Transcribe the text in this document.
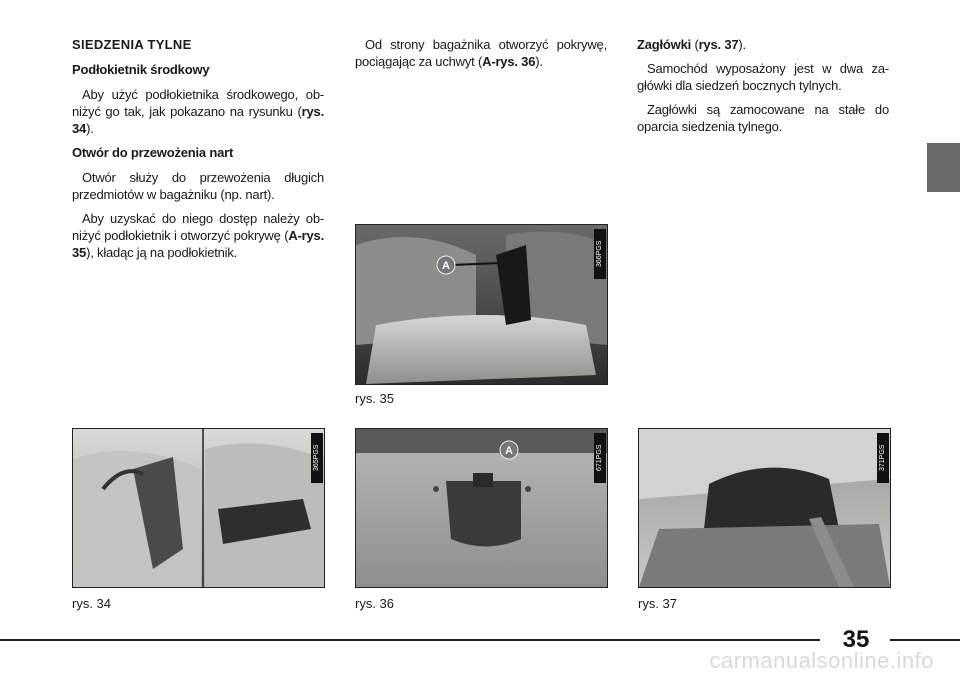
SIEDZENIA TYLNE
Podłokietnik środkowy

Aby użyć podłokietnika środkowego, ob-niżyć go tak, jak pokazano na rysunku (rys. 34).

Otwór do przewożenia nart

Otwór służy do przewożenia długich przedmiotów w bagażniku (np. nart).

Aby uzyskać do niego dostęp należy ob-niżyć podłokietnik i otworzyć pokrywę (A-rys. 35), kładąc ją na podłokietnik.

Od strony bagażnika otworzyć pokrywę, pociągając za uchwyt (A-rys. 36).

Zagłówki (rys. 37).

Samochód wyposażony jest w dwa za-główki dla siedzeń bocznych tylnych.

Zagłówki są zamocowane na stałe do oparcia siedzenia tylnego.

A	366PGS
rys. 35
365PGS
rys. 34
A	671PGS
rys. 36
371PGS
rys. 37
35
carmanualsonline.info
